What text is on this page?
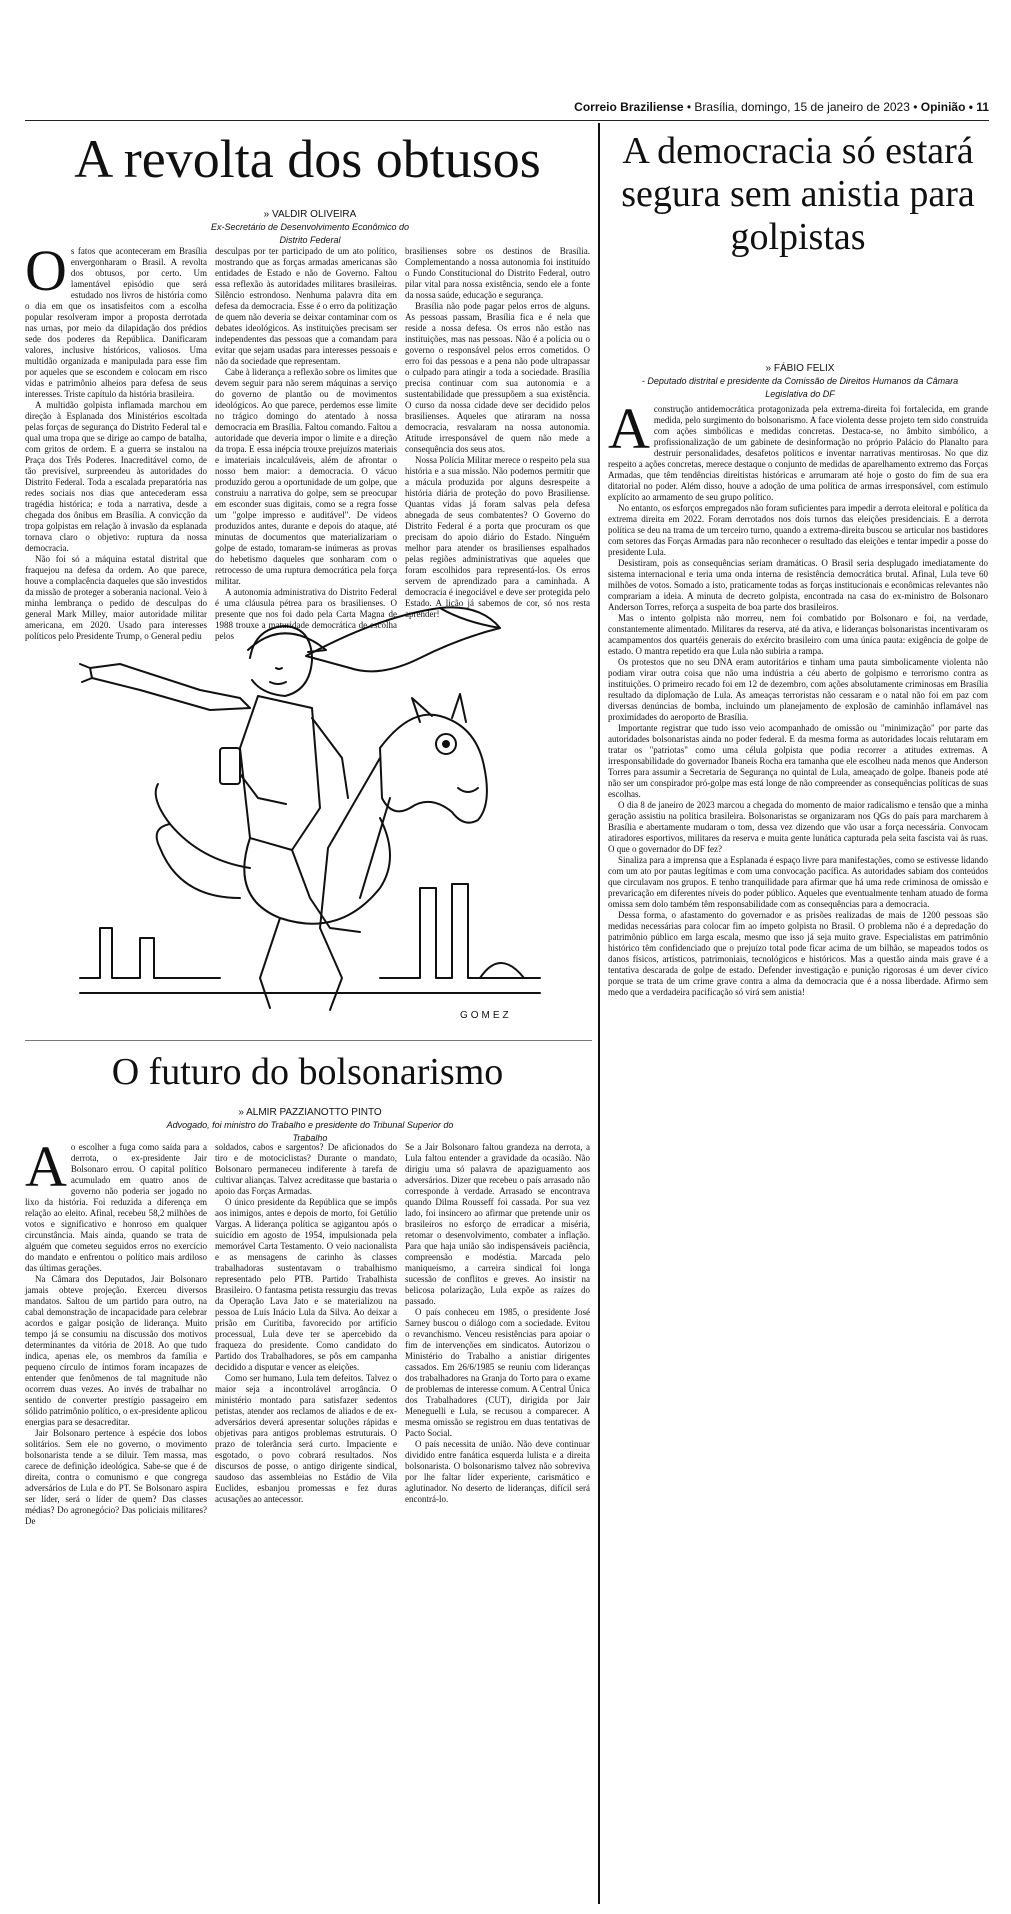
Correio Braziliense • Brasília, domingo, 15 de janeiro de 2023 • Opinião • 11
A revolta dos obtusos
» VALDIR OLIVEIRA
Ex-Secretário de Desenvolvimento Econômico do Distrito Federal

Os fatos que aconteceram em Brasília envergonharam o Brasil. A revolta dos obtusos, por certo. Um lamentável episódio que será estudado nos livros de história como o dia em que os insatisfeitos com a escolha popular resolveram impor a proposta derrotada nas urnas, por meio da dilapidação dos prédios sede dos poderes da República. Danificaram valores, inclusive históricos, valiosos. Uma multidão organizada e manipulada para esse fim por aqueles que se escondem e colocam em risco vidas e patrimônio alheios para defesa de seus interesses. Triste capítulo da história brasileira.

A multidão golpista inflamada marchou em direção à Esplanada dos Ministérios escoltada pelas forças de segurança do Distrito Federal tal e qual uma tropa que se dirige ao campo de batalha, com gritos de ordem. E a guerra se instalou na Praça dos Três Poderes. Inacreditável como, de tão previsível, surpreendeu às autoridades do Distrito Federal. Toda a escalada preparatória nas redes sociais nos dias que antecederam essa tragédia histórica; e toda a narrativa, desde a chegada dos ônibus em Brasília. A convicção da tropa golpistas em relação à invasão da esplanada tornava claro o objetivo: ruptura da nossa democracia.

Não foi só a máquina estatal distrital que fraquejou na defesa da ordem. Ao que parece, houve a complacência daqueles que são investidos da missão de proteger a soberania nacional. Veio à minha lembrança o pedido de desculpas do general Mark Milley, maior autoridade militar americana, em 2020. Usado para interesses políticos pelo Presidente Trump, o General pediu

desculpas por ter participado de um ato político, mostrando que as forças armadas americanas são entidades de Estado e não de Governo. Faltou essa reflexão às autoridades militares brasileiras. Silêncio estrondoso. Nenhuma palavra dita em defesa da democracia. Esse é o erro da politização de quem não deveria se deixar contaminar com os debates ideológicos. As instituições precisam ser independentes das pessoas que a comandam para evitar que sejam usadas para interesses pessoais e não da sociedade que representam.

Cabe à liderança a reflexão sobre os limites que devem seguir para não serem máquinas a serviço do governo de plantão ou de movimentos ideológicos. Ao que parece, perdemos esse limite no trágico domingo do atentado à nossa democracia em Brasília. Faltou comando. Faltou a autoridade que deveria impor o limite e a direção da tropa. E essa inépcia trouxe prejuízos materiais e imateriais incalculáveis, além de afrontar o nosso bem maior: a democracia. O vácuo produzido gerou a oportunidade de um golpe, que construiu a narrativa do golpe, sem se preocupar em esconder suas digitais, como se a regra fosse um "golpe impresso e auditável". De vídeos produzidos antes, durante e depois do ataque, até minutas de documentos que materializariam o golpe de estado, tomaram-se inúmeras as provas do hebetismo daqueles que sonharam com o retrocesso de uma ruptura democrática pela força militar.

A autonomia administrativa do Distrito Federal é uma cláusula pétrea para os brasilienses. O presente que nos foi dado pela Carta Magna de 1988 trouxe a maturidade democrática de escolha pelos

brasilienses sobre os destinos de Brasília. Complementando a nossa autonomia foi instituído o Fundo Constitucional do Distrito Federal, outro pilar vital para nossa existência, sendo ele a fonte da nossa saúde, educação e segurança.

Brasília não pode pagar pelos erros de alguns. As pessoas passam, Brasília fica e é nela que reside a nossa defesa. Os erros não estão nas instituições, mas nas pessoas. Não é a polícia ou o governo o responsável pelos erros cometidos. O erro foi das pessoas e a pena não pode ultrapassar o culpado para atingir a toda a sociedade. Brasília precisa continuar com sua autonomia e a sustentabilidade que pressupõem a sua existência. O curso da nossa cidade deve ser decidido pelos brasilienses. Aqueles que atiraram na nossa democracia, resvalaram na nossa autonomia. Atitude irresponsável de quem não mede a consequência dos seus atos.

Nossa Polícia Militar merece o respeito pela sua história e a sua missão. Não podemos permitir que a mácula produzida por alguns desrespeite a história diária de proteção do povo Brasiliense. Quantas vidas já foram salvas pela defesa abnegada de seus combatentes? O Governo do Distrito Federal é a porta que procuram os que precisam do apoio diário do Estado. Ninguém melhor para atender os brasilienses espalhados pelas regiões administrativas que aqueles que foram escolhidos para representá-los. Os erros servem de aprendizado para a caminhada. A democracia é inegociável e deve ser protegida pelo Estado. A lição já sabemos de cor, só nos resta aprender!

GOMEZ
O futuro do bolsonarismo
» ALMIR PAZZIANOTTO PINTO
Advogado, foi ministro do Trabalho e presidente do Tribunal Superior do Trabalho

Ao escolher a fuga como saída para a derrota, o ex-presidente Jair Bolsonaro errou. O capital político acumulado em quatro anos de governo não poderia ser jogado no lixo da história. Foi reduzida a diferença em relação ao eleito. Afinal, recebeu 58,2 milhões de votos e significativo e honroso em qualquer circunstância. Mais ainda, quando se trata de alguém que cometeu seguidos erros no exercício do mandato e enfrentou o político mais ardiloso das últimas gerações.

Na Câmara dos Deputados, Jair Bolsonaro jamais obteve projeção. Exerceu diversos mandatos. Saltou de um partido para outro, na cabal demonstração de incapacidade para celebrar acordos e galgar posição de liderança. Muito tempo já se consumiu na discussão dos motivos determinantes da vitória de 2018. Ao que tudo indica, apenas ele, os membros da família e pequeno círculo de íntimos foram incapazes de entender que fenômenos de tal magnitude não ocorrem duas vezes. Ao invés de trabalhar no sentido de converter prestígio passageiro em sólido patrimônio político, o ex-presidente aplicou energias para se desacreditar.

Jair Bolsonaro pertence à espécie dos lobos solitários. Sem ele no governo, o movimento bolsonarista tende a se diluir. Tem massa, mas carece de definição ideológica. Sabe-se que é de direita, contra o comunismo e que congrega adversários de Lula e do PT. Se Bolsonaro aspira ser líder, será o líder de quem? Das classes médias? Do agronegócio? Das policiais militares? De

soldados, cabos e sargentos? De aficionados do tiro e de motociclistas? Durante o mandato, Bolsonaro permaneceu indiferente à tarefa de cultivar alianças. Talvez acreditasse que bastaria o apoio das Forças Armadas.

O único presidente da República que se impôs aos inimigos, antes e depois de morto, foi Getúlio Vargas. A liderança política se agigantou após o suicídio em agosto de 1954, impulsionada pela memorável Carta Testamento. O veio nacionalista e as mensagens de carinho às classes trabalhadoras sustentavam o trabalhismo representado pelo PTB. Partido Trabalhista Brasileiro. O fantasma petista ressurgiu das trevas da Operação Lava Jato e se materializou na pessoa de Luís Inácio Lula da Silva. Ao deixar a prisão em Curitiba, favorecido por artifício processual, Lula deve ter se apercebido da fraqueza do presidente. Como candidato do Partido dos Trabalhadores, se pôs em campanha decidido a disputar e vencer as eleições.

Como ser humano, Lula tem defeitos. Talvez o maior seja a incontrolável arrogância. O ministério montado para satisfazer sedentos petistas, atender aos reclamos de aliados e de ex-adversários deverá apresentar soluções rápidas e objetivas para antigos problemas estruturais. O prazo de tolerância será curto. Impaciente e esgotado, o povo cobrará resultados. Nos discursos de posse, o antigo dirigente sindical, saudoso das assembleias no Estádio de Vila Euclides, esbanjou promessas e fez duras acusações ao antecessor.

Se a Jair Bolsonaro faltou grandeza na derrota, a Lula faltou entender a gravidade da ocasião. Não dirigiu uma só palavra de apaziguamento aos adversários. Dizer que recebeu o país arrasado não corresponde à verdade. Arrasado se encontrava quando Dilma Rousseff foi cassada. Por sua vez lado, foi insincero ao afirmar que pretende unir os brasileiros no esforço de erradicar a miséria, retomar o desenvolvimento, combater a inflação. Para que haja união são indispensáveis paciência, compreensão e modéstia. Marcada pelo maniqueísmo, a carreira sindical foi longa sucessão de conflitos e greves. Ao insistir na belicosa polarização, Lula expõe as raízes do passado.

O país conheceu em 1985, o presidente José Sarney buscou o diálogo com a sociedade. Evitou o revanchismo. Venceu resistências para apoiar o fim de intervenções em sindicatos. Autorizou o Ministério do Trabalho a anistiar dirigentes cassados. Em 26/6/1985 se reuniu com lideranças dos trabalhadores na Granja do Torto para o exame de problemas de interesse comum. A Central Única dos Trabalhadores (CUT), dirigida por Jair Meneguelli e Lula, se recusou a comparecer. A mesma omissão se registrou em duas tentativas de Pacto Social.

O país necessita de união. Não deve continuar dividido entre fanática esquerda lulista e a direita bolsonarista. O bolsonarismo talvez não sobreviva por lhe faltar líder experiente, carismático e aglutinador. No deserto de lideranças, difícil será encontrá-lo.

A democracia só estará segura sem anistia para golpistas
» FÁBIO FELIX
- Deputado distrital e presidente da Comissão de Direitos Humanos da Câmara Legislativa do DF

Aconstrução antidemocrática protagonizada pela extrema-direita foi fortalecida, em grande medida, pelo surgimento do bolsonarismo. A face violenta desse projeto tem sido construída com ações simbólicas e medidas concretas. Destaca-se, no âmbito simbólico, a profissionalização de um gabinete de desinformação no próprio Palácio do Planalto para destruir personalidades, desafetos políticos e inventar narrativas mentirosas. No que diz respeito a ações concretas, merece destaque o conjunto de medidas de aparelhamento extremo das Forças Armadas, que têm tendências direitistas históricas e arrumaram até hoje o gosto do fim de sua era ditatorial no poder. Além disso, houve a adoção de uma política de armas irresponsável, com estímulo explícito ao armamento de seu grupo político.

No entanto, os esforços empregados não foram suficientes para impedir a derrota eleitoral e política da extrema direita em 2022. Foram derrotados nos dois turnos das eleições presidenciais. E a derrota política se deu na trama de um terceiro turno, quando a extrema-direita buscou se articular nos bastidores com setores das Forças Armadas para não reconhecer o resultado das eleições e tentar impedir a posse do presidente Lula.

Desistiram, pois as consequências seriam dramáticas. O Brasil seria desplugado imediatamente do sistema internacional e teria uma onda interna de resistência democrática brutal. Afinal, Lula teve 60 milhões de votos. Somado a isto, praticamente todas as forças institucionais e econômicas relevantes não comprariam a ideia. A minuta de decreto golpista, encontrada na casa do ex-ministro de Bolsonaro Anderson Torres, reforça a suspeita de boa parte dos brasileiros.

Mas o intento golpista não morreu, nem foi combatido por Bolsonaro e foi, na verdade, constantemente alimentado. Militares da reserva, até da ativa, e lideranças bolsonaristas incentivaram os acampamentos dos quartéis generais do exército brasileiro com uma única pauta: exigência de golpe de estado. O mantra repetido era que Lula não subiria a rampa.

Os protestos que no seu DNA eram autoritários e tinham uma pauta simbolicamente violenta não podiam virar outra coisa que não uma indústria a céu aberto de golpismo e terrorismo contra as instituições. O primeiro recado foi em 12 de dezembro, com ações absolutamente criminosas em Brasília resultado da diplomação de Lula. As ameaças terroristas não cessaram e o natal não foi em paz com diversas denúncias de bomba, incluindo um planejamento de explosão de caminhão inflamável nas proximidades do aeroporto de Brasília.

Importante registrar que tudo isso veio acompanhado de omissão ou "minimização" por parte das autoridades bolsonaristas ainda no poder federal. E da mesma forma as autoridades locais relutaram em tratar os "patriotas" como uma célula golpista que podia recorrer a atitudes extremas. A irresponsabilidade do governador Ibaneis Rocha era tamanha que ele escolheu nada menos que Anderson Torres para assumir a Secretaria de Segurança no quintal de Lula, ameaçado de golpe. Ibaneis pode até não ser um conspirador pró-golpe mas está longe de não compreender as consequências políticas de suas escolhas.

O dia 8 de janeiro de 2023 marcou a chegada do momento de maior radicalismo e tensão que a minha geração assistiu na política brasileira. Bolsonaristas se organizaram nos QGs do país para marcharem à Brasília e abertamente mudaram o tom, dessa vez dizendo que vão usar a força necessária. Convocam atiradores esportivos, militares da reserva e muita gente lunática capturada pela seita fascista vai às ruas. O que o governador do DF fez?

Sinaliza para a imprensa que a Esplanada é espaço livre para manifestações, como se estivesse lidando com um ato por pautas legítimas e com uma convocação pacífica. As autoridades sabiam dos conteúdos que circulavam nos grupos. E tenho tranquilidade para afirmar que há uma rede criminosa de omissão e prevaricação em diferentes níveis do poder público. Aqueles que eventualmente tenham atuado de forma omissa sem dolo também têm responsabilidade com as consequências para a democracia.

Dessa forma, o afastamento do governador e as prisões realizadas de mais de 1200 pessoas são medidas necessárias para colocar fim ao ímpeto golpista no Brasil. O problema não é a depredação do patrimônio público em larga escala, mesmo que isso já seja muito grave. Especialistas em patrimônio histórico têm confidenciado que o prejuízo total pode ficar acima de um bilhão, se mapeados todos os danos físicos, artísticos, patrimoniais, tecnológicos e históricos. Mas a questão ainda mais grave é a tentativa descarada de golpe de estado. Defender investigação e punição rigorosas é um dever cívico porque se trata de um crime grave contra a alma da democracia que é a nossa liberdade. Afirmo sem medo que a verdadeira pacificação só virá sem anistia!
